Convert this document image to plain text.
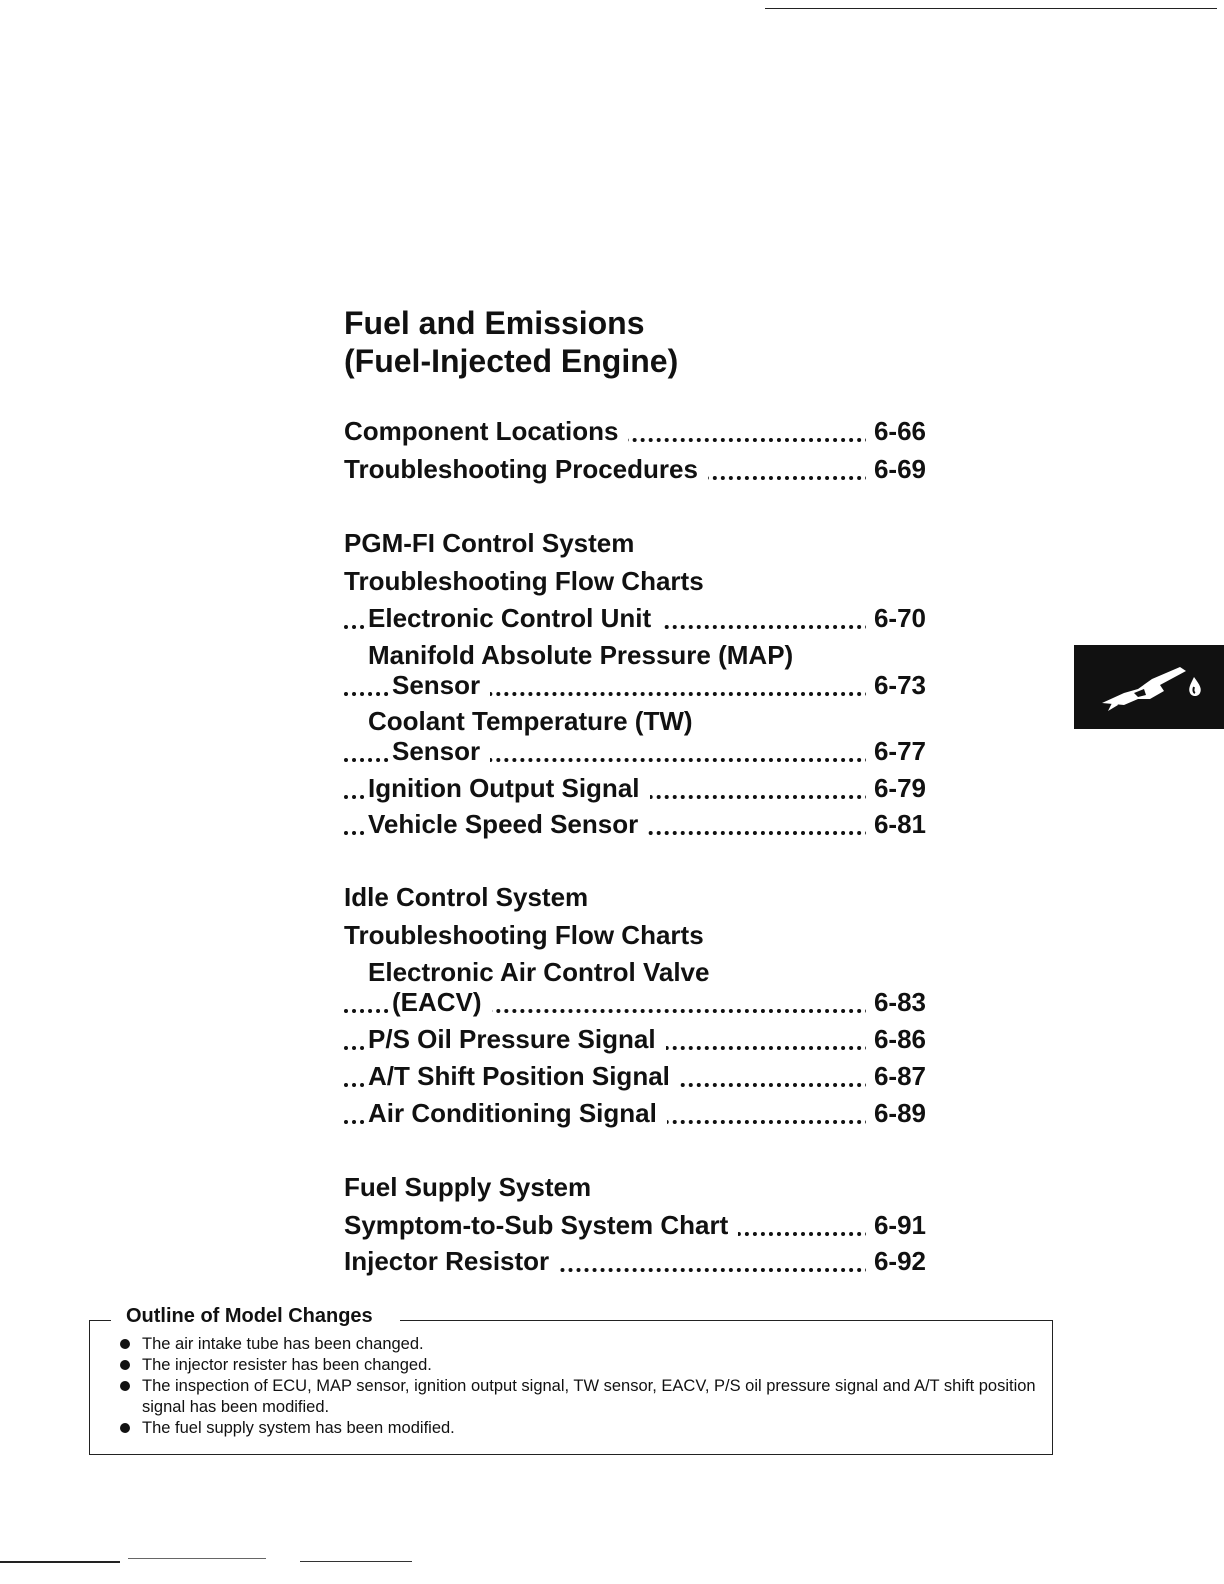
Fuel and Emissions
(Fuel-Injected Engine)
Component Locations	6-66
Troubleshooting Procedures	6-69
PGM-FI Control System
Troubleshooting Flow Charts
Electronic Control Unit	6-70
Manifold Absolute Pressure (MAP)
Sensor	6-73
Coolant Temperature (TW)
Sensor	6-77
Ignition Output Signal	6-79
Vehicle Speed Sensor	6-81
Idle Control System
Troubleshooting Flow Charts
Electronic Air Control Valve
(EACV)	6-83
P/S Oil Pressure Signal	6-86
A/T Shift Position Signal	6-87
Air Conditioning Signal	6-89
Fuel Supply System
Symptom-to-Sub System Chart	6-91
Injector Resistor	6-92
Outline of Model Changes
The air intake tube has been changed.
The injector resister has been changed.
The inspection of ECU, MAP sensor, ignition output signal, TW sensor, EACV, P/S oil pressure signal and A/T shift position signal has been modified.
The fuel supply system has been modified.
